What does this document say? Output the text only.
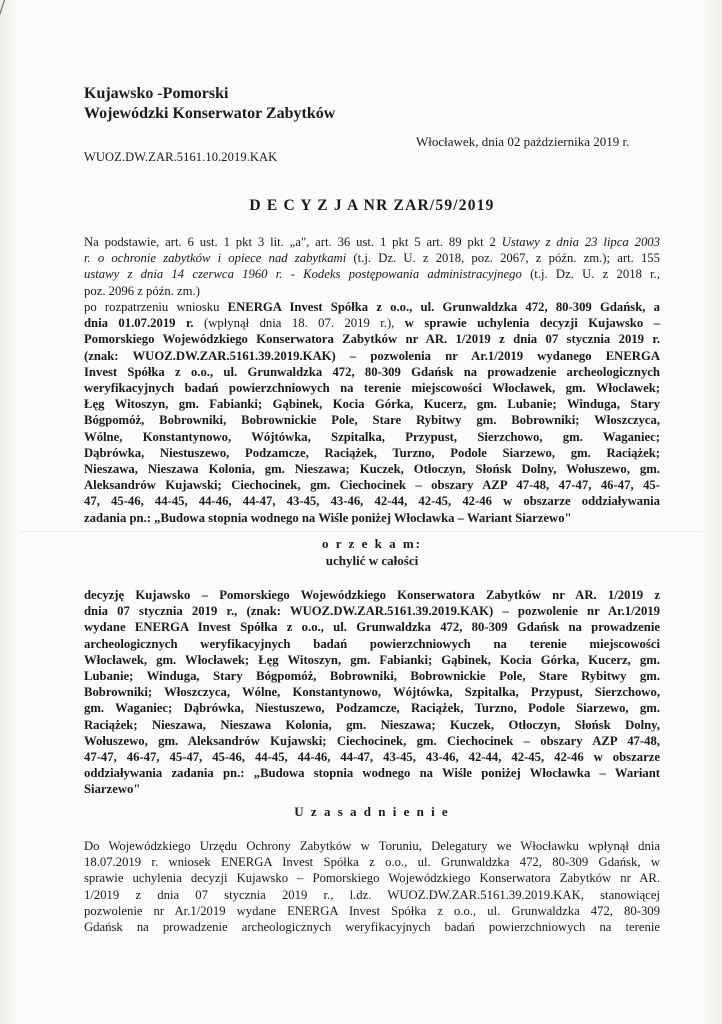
Kujawsko -Pomorski
Wojewódzki Konserwator Zabytków
Włocławek, dnia 02 października 2019 r.
WUOZ.DW.ZAR.5161.10.2019.KAK
D E C Y Z J A NR ZAR/59/2019
Na podstawie, art. 6 ust. 1 pkt 3 lit. „a", art. 36 ust. 1 pkt 5 art. 89 pkt 2 Ustawy z dnia 23 lipca 2003
r. o ochronie zabytków i opiece nad zabytkami (t.j. Dz. U. z 2018, poz. 2067, z późn. zm.); art. 155
ustawy z dnia 14 czerwca 1960 r. - Kodeks postępowania administracyjnego (t.j. Dz. U. z 2018 r.,
poz. 2096 z późn. zm.)
po rozpatrzeniu wniosku ENERGA Invest Spółka z o.o., ul. Grunwaldzka 472, 80-309 Gdańsk, a
dnia 01.07.2019 r. (wpłynął dnia 18. 07. 2019 r.), w sprawie uchylenia decyzji Kujawsko –
Pomorskiego Wojewódzkiego Konserwatora Zabytków nr AR. 1/2019 z dnia 07 stycznia 2019 r.
(znak: WUOZ.DW.ZAR.5161.39.2019.KAK) – pozwolenia nr Ar.1/2019 wydanego ENERGA
Invest Spółka z o.o., ul. Grunwaldzka 472, 80-309 Gdańsk na prowadzenie archeologicznych
weryfikacyjnych badań powierzchniowych na terenie miejscowości Włocławek, gm. Włocławek;
Łęg Witoszyn, gm. Fabianki; Gąbinek, Kocia Górka, Kucerz, gm. Lubanie; Winduga, Stary
Bógpomóż, Bobrowniki, Bobrownickie Pole, Stare Rybitwy gm. Bobrowniki; Włoszczyca,
Wólne, Konstantynowo, Wójtówka, Szpitalka, Przypust, Sierzchowo, gm. Waganiec;
Dąbrówka, Niestuszewo, Podzamcze, Raciążek, Turzno, Podole Siarzewo, gm. Raciążek;
Nieszawa, Nieszawa Kolonia, gm. Nieszawa; Kuczek, Otłoczyn, Słońsk Dolny, Wołuszewo, gm.
Aleksandrów Kujawski; Ciechocinek, gm. Ciechocinek – obszary AZP 47-48, 47-47, 46-47, 45-
47, 45-46, 44-45, 44-46, 44-47, 43-45, 43-46, 42-44, 42-45, 42-46 w obszarze oddziaływania
zadania pn.: „Budowa stopnia wodnego na Wiśle poniżej Włocławka – Wariant Siarzewo"
o r z e k a m:
uchylić w całości
decyzję Kujawsko – Pomorskiego Wojewódzkiego Konserwatora Zabytków nr AR. 1/2019 z
dnia 07 stycznia 2019 r., (znak: WUOZ.DW.ZAR.5161.39.2019.KAK) – pozwolenie nr Ar.1/2019
wydane ENERGA Invest Spółka z o.o., ul. Grunwaldzka 472, 80-309 Gdańsk na prowadzenie
archeologicznych weryfikacyjnych badań powierzchniowych na terenie miejscowości
Włocławek, gm. Włocławek; Łęg Witoszyn, gm. Fabianki; Gąbinek, Kocia Górka, Kucerz, gm.
Lubanie; Winduga, Stary Bógpomóż, Bobrowniki, Bobrownickie Pole, Stare Rybitwy gm.
Bobrowniki; Włoszczyca, Wólne, Konstantynowo, Wójtówka, Szpitalka, Przypust, Sierzchowo,
gm. Waganiec; Dąbrówka, Niestuszewo, Podzamcze, Raciążek, Turzno, Podole Siarzewo, gm.
Raciążek; Nieszawa, Nieszawa Kolonia, gm. Nieszawa; Kuczek, Otłoczyn, Słońsk Dolny,
Wołuszewo, gm. Aleksandrów Kujawski; Ciechocinek, gm. Ciechocinek – obszary AZP 47-48,
47-47, 46-47, 45-47, 45-46, 44-45, 44-46, 44-47, 43-45, 43-46, 42-44, 42-45, 42-46 w obszarze
oddziaływania zadania pn.: „Budowa stopnia wodnego na Wiśle poniżej Włocławka – Wariant
Siarzewo"
U z a s a d n i e n i e
Do Wojewódzkiego Urzędu Ochrony Zabytków w Toruniu, Delegatury we Włocławku wpłynął dnia
18.07.2019 r. wniosek ENERGA Invest Spółka z o.o., ul. Grunwaldzka 472, 80-309 Gdańsk, w
sprawie uchylenia decyzji Kujawsko – Pomorskiego Wojewódzkiego Konserwatora Zabytków nr AR.
1/2019 z dnia 07 stycznia 2019 r., l.dz. WUOZ.DW.ZAR.5161.39.2019.KAK, stanowiącej
pozwolenie nr Ar.1/2019 wydane ENERGA Invest Spółka z o.o., ul. Grunwaldzka 472, 80-309
Gdańsk na prowadzenie archeologicznych weryfikacyjnych badań powierzchniowych na terenie
